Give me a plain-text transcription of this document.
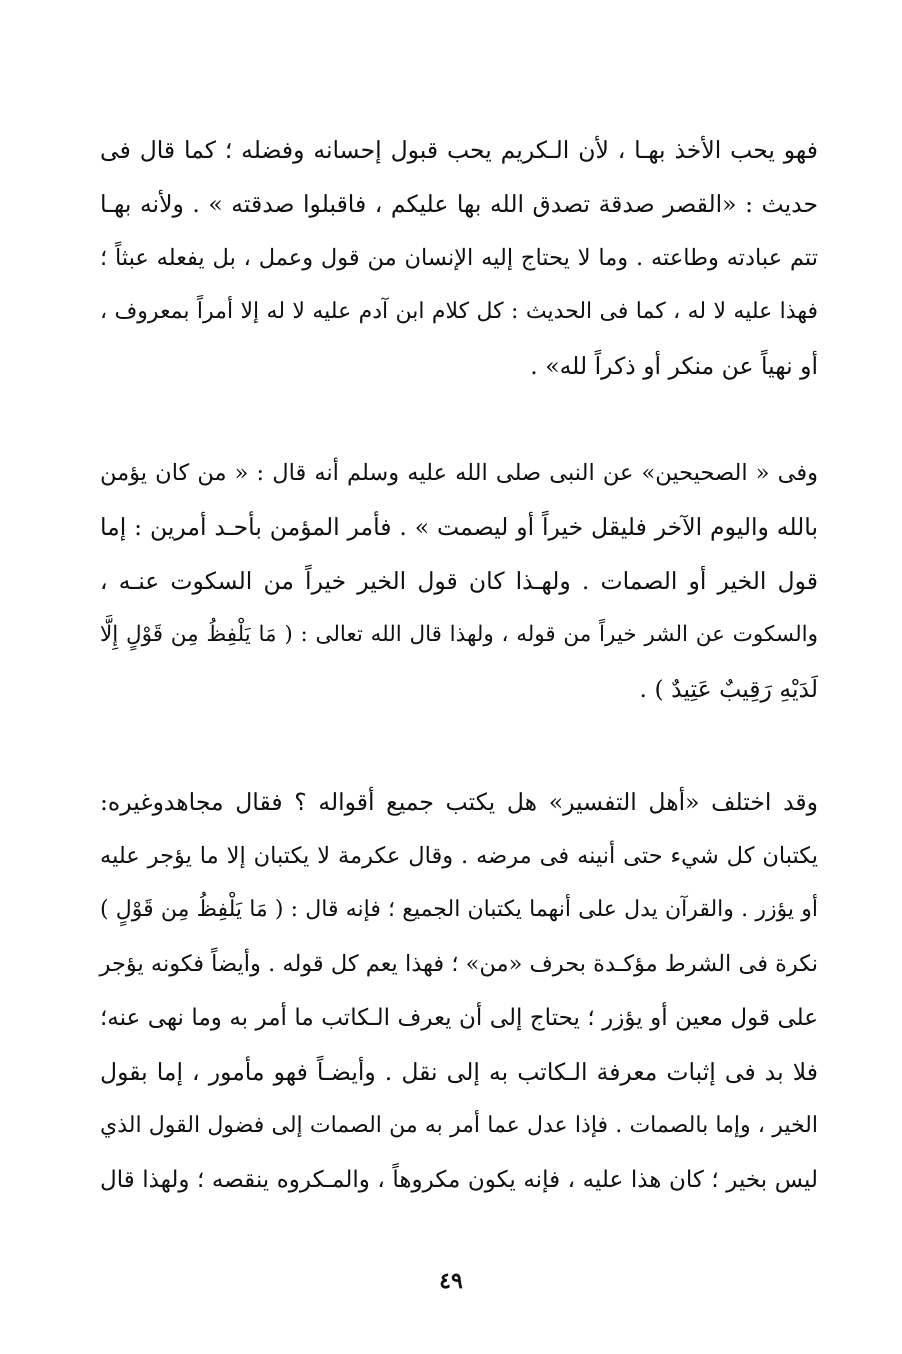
فهو يحب الأخذ بهـا ، لأن الـكريم يحب قبول إحسانه وفضله ؛ كما قال فى
حديث : «القصر صدقة تصدق الله بها عليكم ، فاقبلوا صدقته » . ولأنه بهـا
تتم عبادته وطاعته . وما لا يحتاج إليه الإنسان من قول وعمل ، بل يفعله عبثاً ؛
فهذا عليه لا له ، كما فى الحديث : كل كلام ابن آدم عليه لا له إلا أمراً بمعروف ،
أو نهياً عن منكر أو ذكراً لله» .
وفى « الصحيحين» عن النبى صلى الله عليه وسلم أنه قال : « من كان يؤمن
بالله واليوم الآخر فليقل خيراً أو ليصمت » . فأمر المؤمن بأحـد أمرين : إما
قول الخير أو الصمات . ولهـذا كان قول الخير خيراً من السكوت عنـه ،
والسكوت عن الشر خيراً من قوله ، ولهذا قال الله تعالى : ( مَا يَلْفِظُ مِن قَوْلٍ إِلَّا
لَدَيْهِ رَقِيبٌ عَتِيدٌ ) .
وقد اختلف «أهل التفسير» هل يكتب جميع أقواله ؟ فقال مجاهدوغيره:
يكتبان كل شيء حتى أنينه فى مرضه . وقال عكرمة لا يكتبان إلا ما يؤجر عليه
أو يؤزر . والقرآن يدل على أنهما يكتبان الجميع ؛ فإنه قال : ( مَا يَلْفِظُ مِن قَوْلٍ )
نكرة فى الشرط مؤكـدة بحرف «من» ؛ فهذا يعم كل قوله . وأيضاً فكونه يؤجر
على قول معين أو يؤزر ؛ يحتاج إلى أن يعرف الـكاتب ما أمر به وما نهى عنه؛
فلا بد فى إثبات معرفة الـكاتب به إلى نقل . وأيضـاً فهو مأمور ، إما بقول
الخير ، وإما بالصمات . فإذا عدل عما أمر به من الصمات إلى فضول القول الذي
ليس بخير ؛ كان هذا عليه ، فإنه يكون مكروهاً ، والمـكروه ينقصه ؛ ولهذا قال
٤٩
